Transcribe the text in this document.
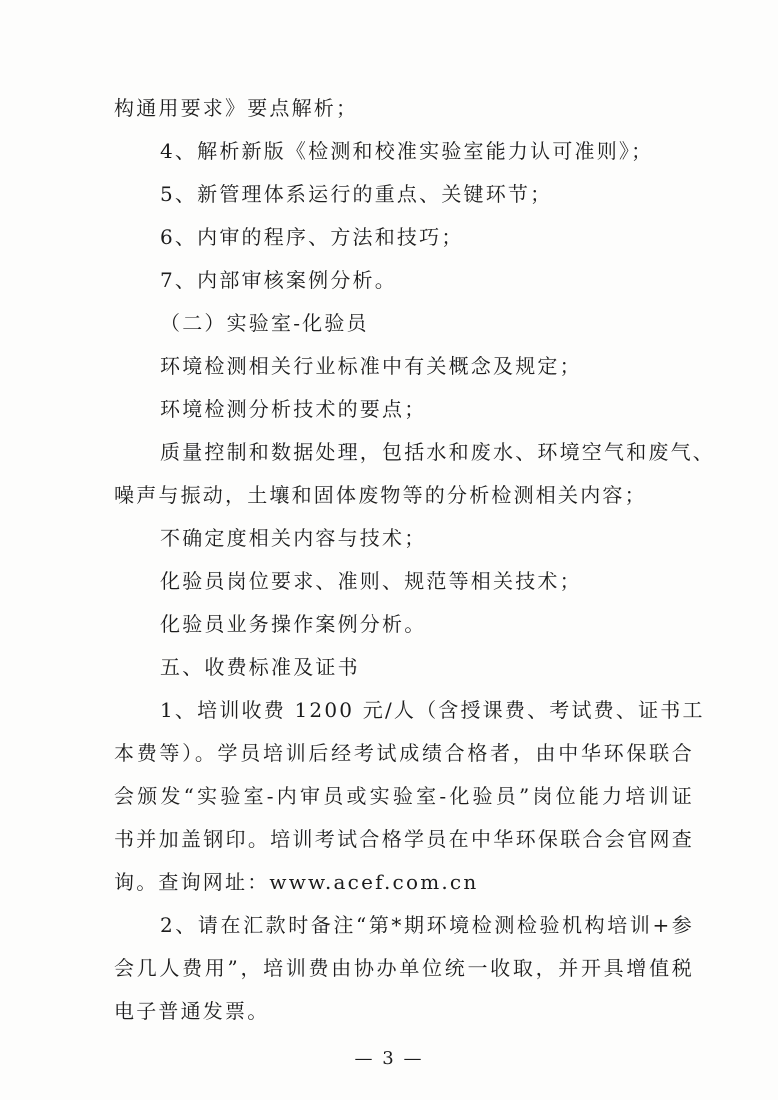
构通用要求》要点解析；
4、解析新版《检测和校准实验室能力认可准则》；
5、新管理体系运行的重点、关键环节；
6、内审的程序、方法和技巧；
7、内部审核案例分析。
（二）实验室-化验员
环境检测相关行业标准中有关概念及规定；
环境检测分析技术的要点；
质量控制和数据处理，包括水和废水、环境空气和废气、
噪声与振动，土壤和固体废物等的分析检测相关内容；
不确定度相关内容与技术；
化验员岗位要求、准则、规范等相关技术；
化验员业务操作案例分析。
五、收费标准及证书
1、培训收费 1200 元/人（含授课费、考试费、证书工
本费等）。学员培训后经考试成绩合格者，由中华环保联合
会颁发“实验室-内审员或实验室-化验员”岗位能力培训证
书并加盖钢印。培训考试合格学员在中华环保联合会官网查
询。查询网址：www.acef.com.cn
2、请在汇款时备注“第*期环境检测检验机构培训+参
会几人费用”，培训费由协办单位统一收取，并开具增值税
电子普通发票。
— 3 —
